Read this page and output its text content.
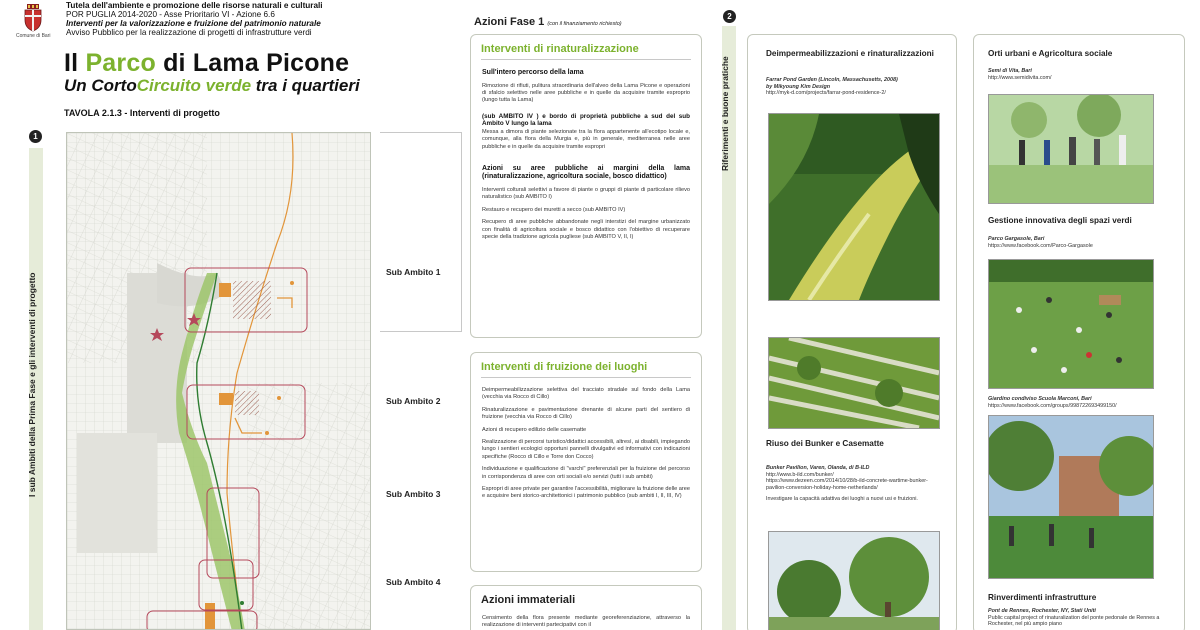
Comune di Bari
Tutela dell'ambiente e promozione delle risorse naturali e culturali
POR PUGLIA 2014-2020 - Asse Prioritario VI - Azione 6.6
Interventi per la valorizzazione e fruizione del patrimonio naturale
Avviso Pubblico per la realizzazione di progetti di infrastrutture verdi
Il Parco di Lama Picone
Un CortoCircuito verde tra i quartieri
TAVOLA 2.1.3 - Interventi di progetto
1
I sub Ambiti della Prima Fase e gli interventi di progetto
Sub Ambito 1
Sub Ambito 2
Sub Ambito 3
Sub Ambito 4
Azioni Fase 1 (con il finanziamento richiesto)
Interventi di rinaturalizzazione
Sull'intero percorso della lama

Rimozione di rifiuti, pulitura straordinaria dell'alveo della Lama Picone e operazioni di sfalcio selettivo nelle aree pubbliche e in quelle da acquisire tramite esproprio (lungo tutta la Lama)

(sub AMBITO IV ) e bordo di proprietà pubbliche a sud del sub Ambito V lungo la lama

Messa a dimora di piante selezionate tra la flora appartenente all'ecotipo locale e, comunque, alla flora della Murgia e, più in generale, mediterranea nelle aree pubbliche e in quelle da acquisire tramite espropri

Azioni su aree pubbliche ai margini della lama (rinaturalizzazione, agricoltura sociale, bosco didattico)

Interventi colturali selettivi a favore di piante o gruppi di piante di particolare rilievo naturalistico (sub AMBITO I)

Restauro e recupero dei muretti a secco (sub AMBITO IV)

Recupero di aree pubbliche abbandonate negli interstizi del margine urbanizzato con finalità di agricoltura sociale e bosco didattico con l'obiettivo di recuperare specie della tradizione agricola pugliese (sub AMBITO V, II, I)

Interventi di fruizione dei luoghi

Deimpermeabilizzazione selettiva del tracciato stradale sul fondo della Lama (vecchia via Rocco di Cillo)

Rinaturalizzazione e pavimentazione drenante di alcune parti del sentiero di fruizione (vecchia via Rocco di Cillo)

Azioni di recupero edilizio delle casematte

Realizzazione di percorsi turistico/didattici accessibili, altresì, ai disabili, impiegando lungo i sentieri ecologici opportuni pannelli divulgativi ed informativi con indicazioni specifiche (Rocco di Cillo e Torre don Cocco)

Individuazione e qualificazione di "varchi" preferenziali per la fruizione del percorso in corrispondenza di aree con orti sociali e/o servizi (tutti i sub ambiti)

Espropri di aree private per garantire l'accessibilità, migliorare la fruizione delle aree e acquisire beni storico-architettonici i patrimonio pubblico (sub ambiti I, II, III, IV)

Azioni immateriali

Censimento della flora presente mediante georeferenziazione, attraverso la realizzazione di interventi partecipativi con il

2
Riferimenti e buone pratiche
Deimpermeabilizzazioni e rinaturalizzazioni
Farrar Pond Garden (Lincoln, Massachusetts, 2008)
by Mikyoung Kim Design
http://myk-d.com/projects/farrar-pond-residence-2/
Riuso dei Bunker e Casematte
Bunker Pavilion, Varen, Olanda, di B-ILD
http://www.b-ild.com/bunker/
https://www.dezeen.com/2014/10/28/b-ild-concrete-wartime-bunker-pavilion-conversion-holiday-home-netherlands/

Investigare la capacità adattiva dei luoghi a nuovi usi e fruizioni.
Orti urbani e Agricoltura sociale
Semi di Vita, Bari
http://www.semidivita.com/
Gestione innovativa degli spazi verdi
Parco Gargasole, Bari
https://www.facebook.com/Parco-Gargasole
Giardino condiviso Scuola Marconi, Bari
https://www.facebook.com/groups/998722693499150/
Rinverdimenti infrastrutture
Pont de Rennes, Rochester, NY, Stati Uniti
Public capital project of rinaturalization del ponte pedonale de Rennes a Rochester, nel più ampio piano
